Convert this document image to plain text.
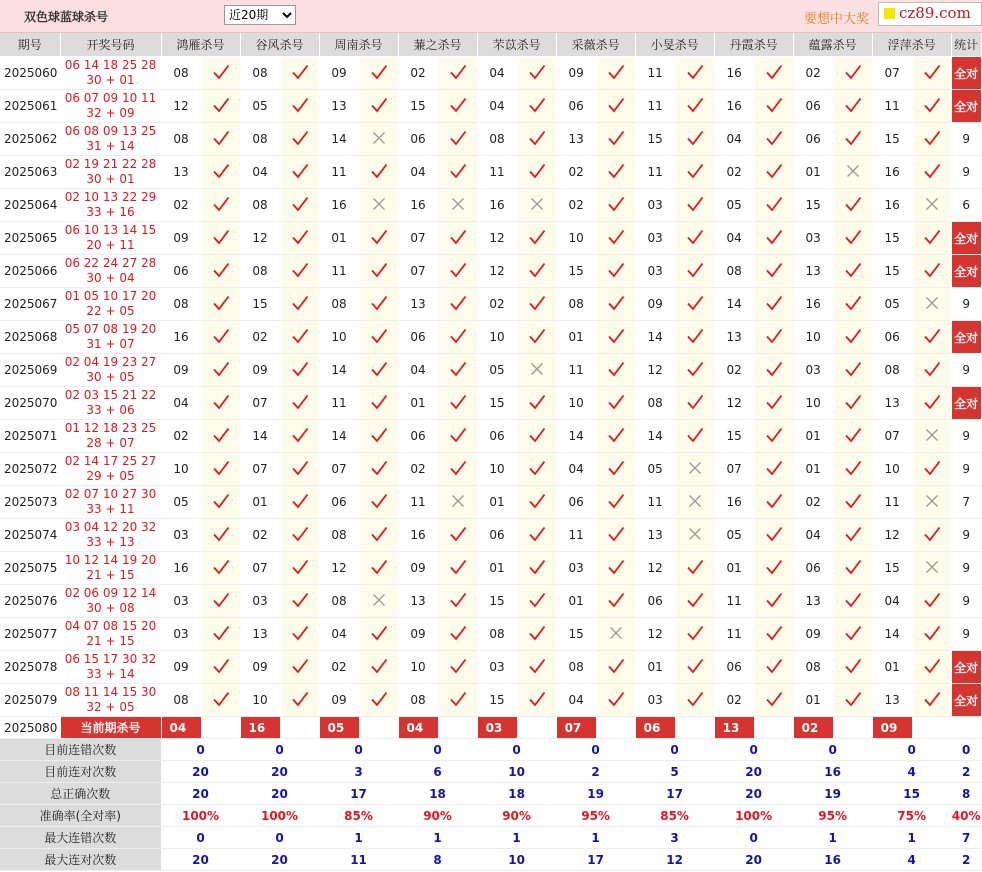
双色球蓝球杀号
近20期	要想中大奖 cz89.com
期号	开奖号码	鸿雁杀号		谷风杀号		周南杀号		蒹之杀号		芣苡杀号		采薇杀号		小旻杀号		丹霞杀号		蕴露杀号		浮萍杀号		统计
2025060	06 14 18 25 28
30 + 01	08		08		09		02		04		09		11		16		02		07		全对
2025061	06 07 09 10 11
32 + 09	12		05		13		15		04		06		11		16		06		11		全对
2025062	06 08 09 13 25
31 + 14	08		08		14		06		08		13		15		04		06		15		9
2025063	02 19 21 22 28
30 + 01	13		04		11		04		11		02		11		02		01		16		9
2025064	02 10 13 22 29
33 + 16	02		08		16		16		16		02		03		05		15		16		6
2025065	06 10 13 14 15
20 + 11	09		12		01		07		12		10		03		04		03		15		全对
2025066	06 22 24 27 28
30 + 04	06		08		11		07		12		15		03		08		13		15		全对
2025067	01 05 10 17 20
22 + 05	08		15		08		13		02		08		09		14		16		05		9
2025068	05 07 08 19 20
31 + 07	16		02		10		06		10		01		14		13		10		06		全对
2025069	02 04 19 23 27
30 + 05	09		09		14		04		05		11		12		02		03		08		9
2025070	02 03 15 21 22
33 + 06	04		07		11		01		15		10		08		12		10		13		全对
2025071	01 12 18 23 25
28 + 07	02		14		14		06		06		14		14		15		01		07		9
2025072	02 14 17 25 27
29 + 05	10		07		07		02		10		04		05		07		01		10		9
2025073	02 07 10 27 30
33 + 11	05		01		06		11		01		06		11		16		02		11		7
2025074	03 04 12 20 32
33 + 13	03		02		08		16		06		11		13		05		04		12		9
2025075	10 12 14 19 20
21 + 15	16		07		12		09		01		03		12		01		06		15		9
2025076	02 06 09 12 14
30 + 08	03		03		08		13		15		01		06		11		13		04		9
2025077	04 07 08 15 20
21 + 15	03		13		04		09		08		15		12		11		09		14		9
2025078	06 15 17 30 32
33 + 14	09		09		02		10		03		08		01		06		08		01		全对
2025079	08 11 14 15 30
32 + 05	08		10		09		08		15		04		03		02		01		13		全对
2025080	当前期杀号	04		16		05		04		03		07		06		13		02		09		
目前连错次数		0		0		0		0		0		0		0		0		0		0		0
目前连对次数		20		20		3		6		10		2		5		20		16		4		2
总正确次数		20		20		17		18		18		19		17		20		19		15		8
准确率(全对率)		100%		100%		85%		90%		90%		95%		85%		100%		95%		75%		40%
最大连错次数		0		0		1		1		1		1		3		0		1		1		7
最大连对次数		20		20		11		8		10		17		12		20		16		4		2
